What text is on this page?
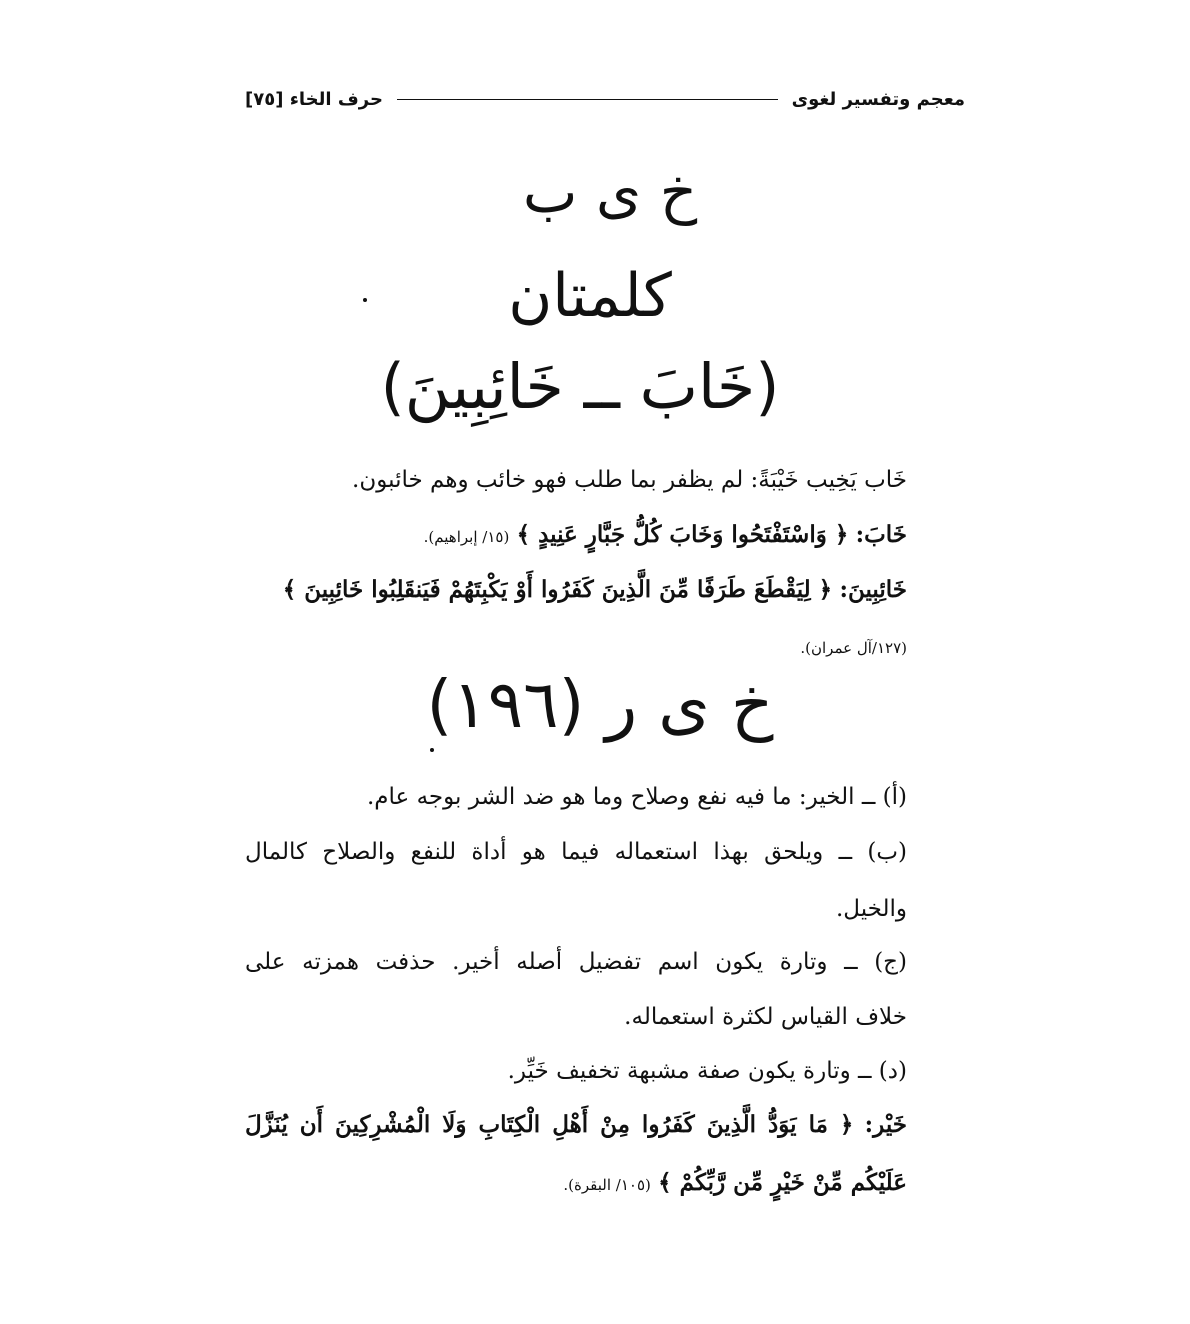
معجم وتفسير لغوى
حرف الخاء [٧٥]
خ ى ب
كلمتان
(خَابَ ــ خَائِبِينَ)
خَاب يَخِيب خَيْبَةً: لم يظفر بما طلب فهو خائب وهم خائبون.
خَابَ: ﴿ وَاسْتَفْتَحُوا وَخَابَ كُلُّ جَبَّارٍ عَنِيدٍ ﴾ (١٥/ إبراهيم).
خَائِبِينَ: ﴿ لِيَقْطَعَ طَرَفًا مِّنَ الَّذِينَ كَفَرُوا أَوْ يَكْبِتَهُمْ فَيَنقَلِبُوا خَائِبِينَ ﴾
(١٢٧/آل عمران).
خ ى ر (١٩٦)
(أ) ــ الخير: ما فيه نفع وصلاح وما هو ضد الشر بوجه عام.
(ب) ــ ويلحق بهذا استعماله فيما هو أداة للنفع والصلاح كالمال
والخيل.
(ج) ــ وتارة يكون اسم تفضيل أصله أخير. حذفت همزته على
خلاف القياس لكثرة استعماله.
(د) ــ وتارة يكون صفة مشبهة تخفيف خَيِّر.
خَيْر: ﴿ مَا يَوَدُّ الَّذِينَ كَفَرُوا مِنْ أَهْلِ الْكِتَابِ وَلَا الْمُشْرِكِينَ أَن يُنَزَّلَ
عَلَيْكُم مِّنْ خَيْرٍ مِّن رَّبِّكُمْ ﴾ (١٠٥/ البقرة).
